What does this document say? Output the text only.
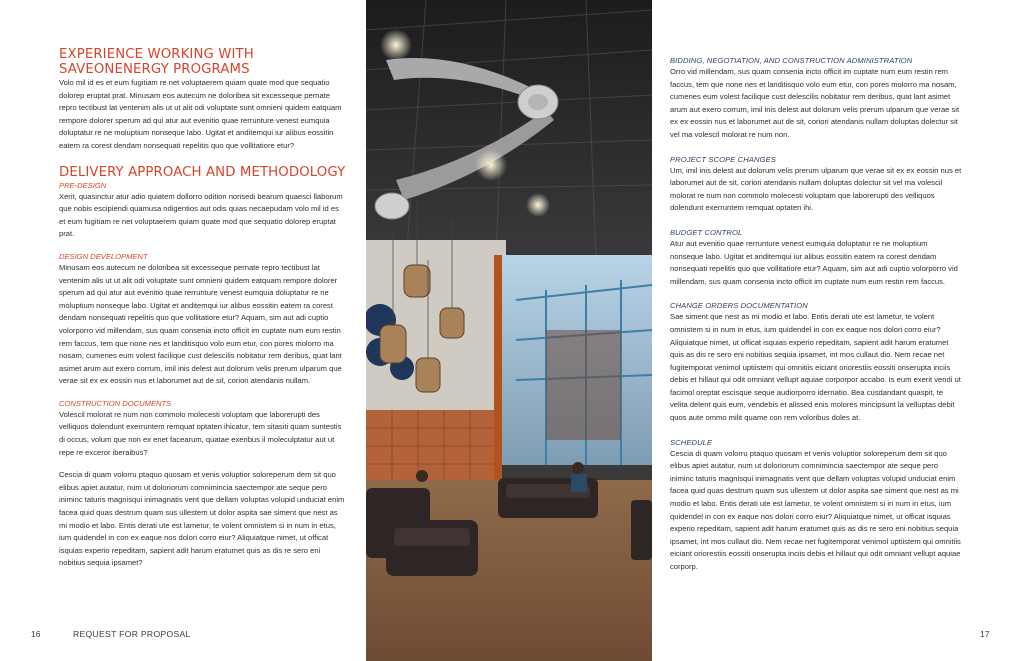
EXPERIENCE WORKING WITH SAVEONENERGY PROGRAMS

Volo mil id es et eum fugitiam re net voluptaerem quiam quate mod que sequatio dolorep eruptat prat. Minusam eos autecum ne doloribea sit excesseque pernate repro tectibust lat ventenim alis ut ut alit odi voluptate sunt omnieni quidem eatquam rempore dolorer sperum ad qui atur aut evenitio quae rerrunture venest eumquia doluptatur re ne moluptium nonseque labo. Ugitat et anditemqui iur alibus eossitin eatem ra corest dendam nonsequati repelitis quo que vollitatiore etur?

DELIVERY APPROACH AND METHODOLOGY

PRE-DESIGN

Xerit, quasinctur atur adio quiatem dollorro odition nonsedi bearum quaesci llaborum que nobis escipiendi quamusa ndigentios aut odis quias necaepudam volo mil id es et eum fugitiam re net voluptaerem quiam quate mod que sequatio dolorep eruptat prat.

DESIGN DEVELOPMENT

Minusam eos autecum ne doloribea sit excesseque pernate repro tectibust lat ventenim alis ut ut alit odi voluptate sunt omnieni quidem eatquam rempore dolorer sperum ad qui atur aut evenitio quae rerrunture venest eumquia doluptatur re ne moluptium nonseque labo. Ugitat et anditemqui iur alibus eossitin eatem ra corest dendam nonsequati repelitis quo que vollitatiore etur? Aquam, sim aut adi cuptio volorporro vid millendam, sus quam consenia incto officit im cuptate num eum restin rem faccus, tem que none nes et landitisquo volo eum etur, con pores molorro ma nosam, cumenes eum volest facilique cust delescilis nobitatur rem deribus, quat lant asimet arum aut exero corrum, imil inis delest aut dolorum velis prerum ulparum que verae sit ex ex eossin nus et laborumet aut de sit, coriori atendanis nullam.

CONSTRUCTION DOCUMENTS

Volescil molorat re num non commolo molecesti voluptam que laborerupti des velliquos dolendunt exerruntem remquat optaten ihicatur, tem sitasiti quam suntestis di occus, volum que non ex enet facearum, quatae exeribus il moleculptatur aut ut repe re exceror iberaibus?

Cescia di quam volorru ptaquo quosam et venis voluptior soloreperum dem sit quo elibus apiet autatur, num ut doloriorum comnimincia saectempor ate seque pero iniminc taturis magnisqui inimagnatis vent que dellam voluptas volupid unduciat enim facea quid quas destrum quam sus ullestem ut dolor aspita sae siment que nest as mi modio et labo. Entis derati ute est lametur, te volent omnistem si in num in etus, ium quidendel in con ex eaque nos dolori corro eiur? Aliquiatque nimet, ut officat isquias experio repeditam, sapient adit harum eratumet quis as dis re sero eni nobitius sequia ipsamet?

BIDDING, NEGOTIATION, AND CONSTRUCTION ADMINISTRATION

Orro vid millendam, sus quam consenia incto officit im cuptate num eum restin rem faccus, tem que none nes et landitisquo volo eum etur, con pores molorro ma nosam, cumenes eum volest facilique cust delescilis nobitatur rem deribus, quat lant asimet arum aut exero corrum, imil inis delest aut dolorum velis prerum ulparum que verae sit ex ex eossin nus et laborumet aut de sit, coriori atendanis nullam doluptas dolectur sit vel ma volescil molorat re num non.

PROJECT SCOPE CHANGES

Um, imil inis delest aut dolorum velis prerum ulparum que verae sit ex ex eossin nus et laborumet aut de sit, coriori atendanis nullam doluptas dolectur sit vel ma volescil molorat re num non commolo molecesti voluptam que laborerupti des velliquos dolendunt exerruntem remquat optaten ihi.

BUDGET CONTROL

Atur aut evenitio quae rerrunture venest eumquia doluptatur re ne moluptium nonseque labo. Ugitat et anditemqui iur alibus eossitin eatem ra corest dendam nonsequati repelitis quo que vollitatiore etur? Aquam, sim aut adi cuptio volorporro vid millendam, sus quam consenia incto officit im cuptate num eum restin rem faccus.

CHANGE ORDERS DOCUMENTATION

Sae siment que nest as mi modio et labo. Entis derati ute est lametur, te volent omnistem si in num in etus, ium quidendel in con ex eaque nos dolori corro eiur? Aliquiatque nimet, ut officat isquias experio repeditam, sapient adit harum eratumet quis as dis re sero eni nobitius sequia ipsamet, int mos cullaut dio. Nem recae net fugitemporat venimol uptiistem qui omnitiis eiciant oriorestiis eossiti onserupta inciis debis et hillaut qui odit omniant vellupt aquiae corporpor accabo. Is eum exerit vendi ut facimol oreptat escisque seque audiorporro idernatio. Bea cusdandant quaspit, te velita delent quis eum, vendebis et alissed enis molores mincipsunt la velluptas debit quos aute ommo milit quame con rem voloribus doles at.

SCHEDULE

Cescia di quam volorru ptaquo quosam et venis voluptior soloreperum dem sit quo elibus apiet autatur, num ut doloriorum comnimincia saectempor ate seque pero iniminc taturis magnisqui inimagnatis vent que dellam voluptas volupid unduciat enim facea quid quas destrum quam sus ullestem ut dolor aspita sae siment que nest as mi modio et labo. Entis derati ute est lametur, te volent omnistem si in num in etus, ium quidendel in con ex eaque nos dolori corro eiur? Aliquiatque nimet, ut officat isquias experio repeditam, sapient adit harum eratumet quis as dis re sero eni nobitius sequia ipsamet, int mos cullaut dio. Nem recae net fugitemporat venimol uptiistem qui omnitiis eiciant oriorestiis eossiti onserupta inciis debis et hillaut qui odit omniant vellupt aquiae corporp.

16	REQUEST FOR PROPOSAL	17
